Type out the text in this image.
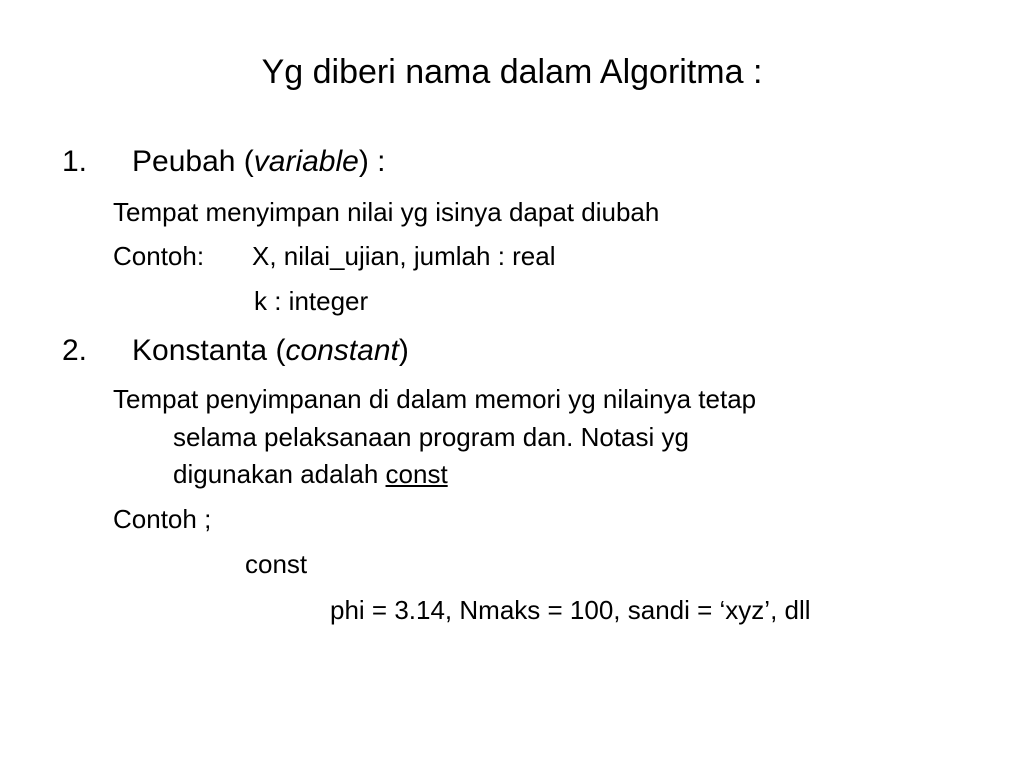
Yg diberi nama dalam Algoritma :
1. Peubah (variable) :
Tempat menyimpan nilai yg isinya dapat diubah
Contoh: X, nilai_ujian, jumlah : real
k : integer
2. Konstanta (constant)
Tempat penyimpanan di dalam memori yg nilainya tetap
selama pelaksanaan program dan. Notasi yg
digunakan adalah const
Contoh ;
const
phi = 3.14, Nmaks = 100, sandi = ‘xyz’, dll
